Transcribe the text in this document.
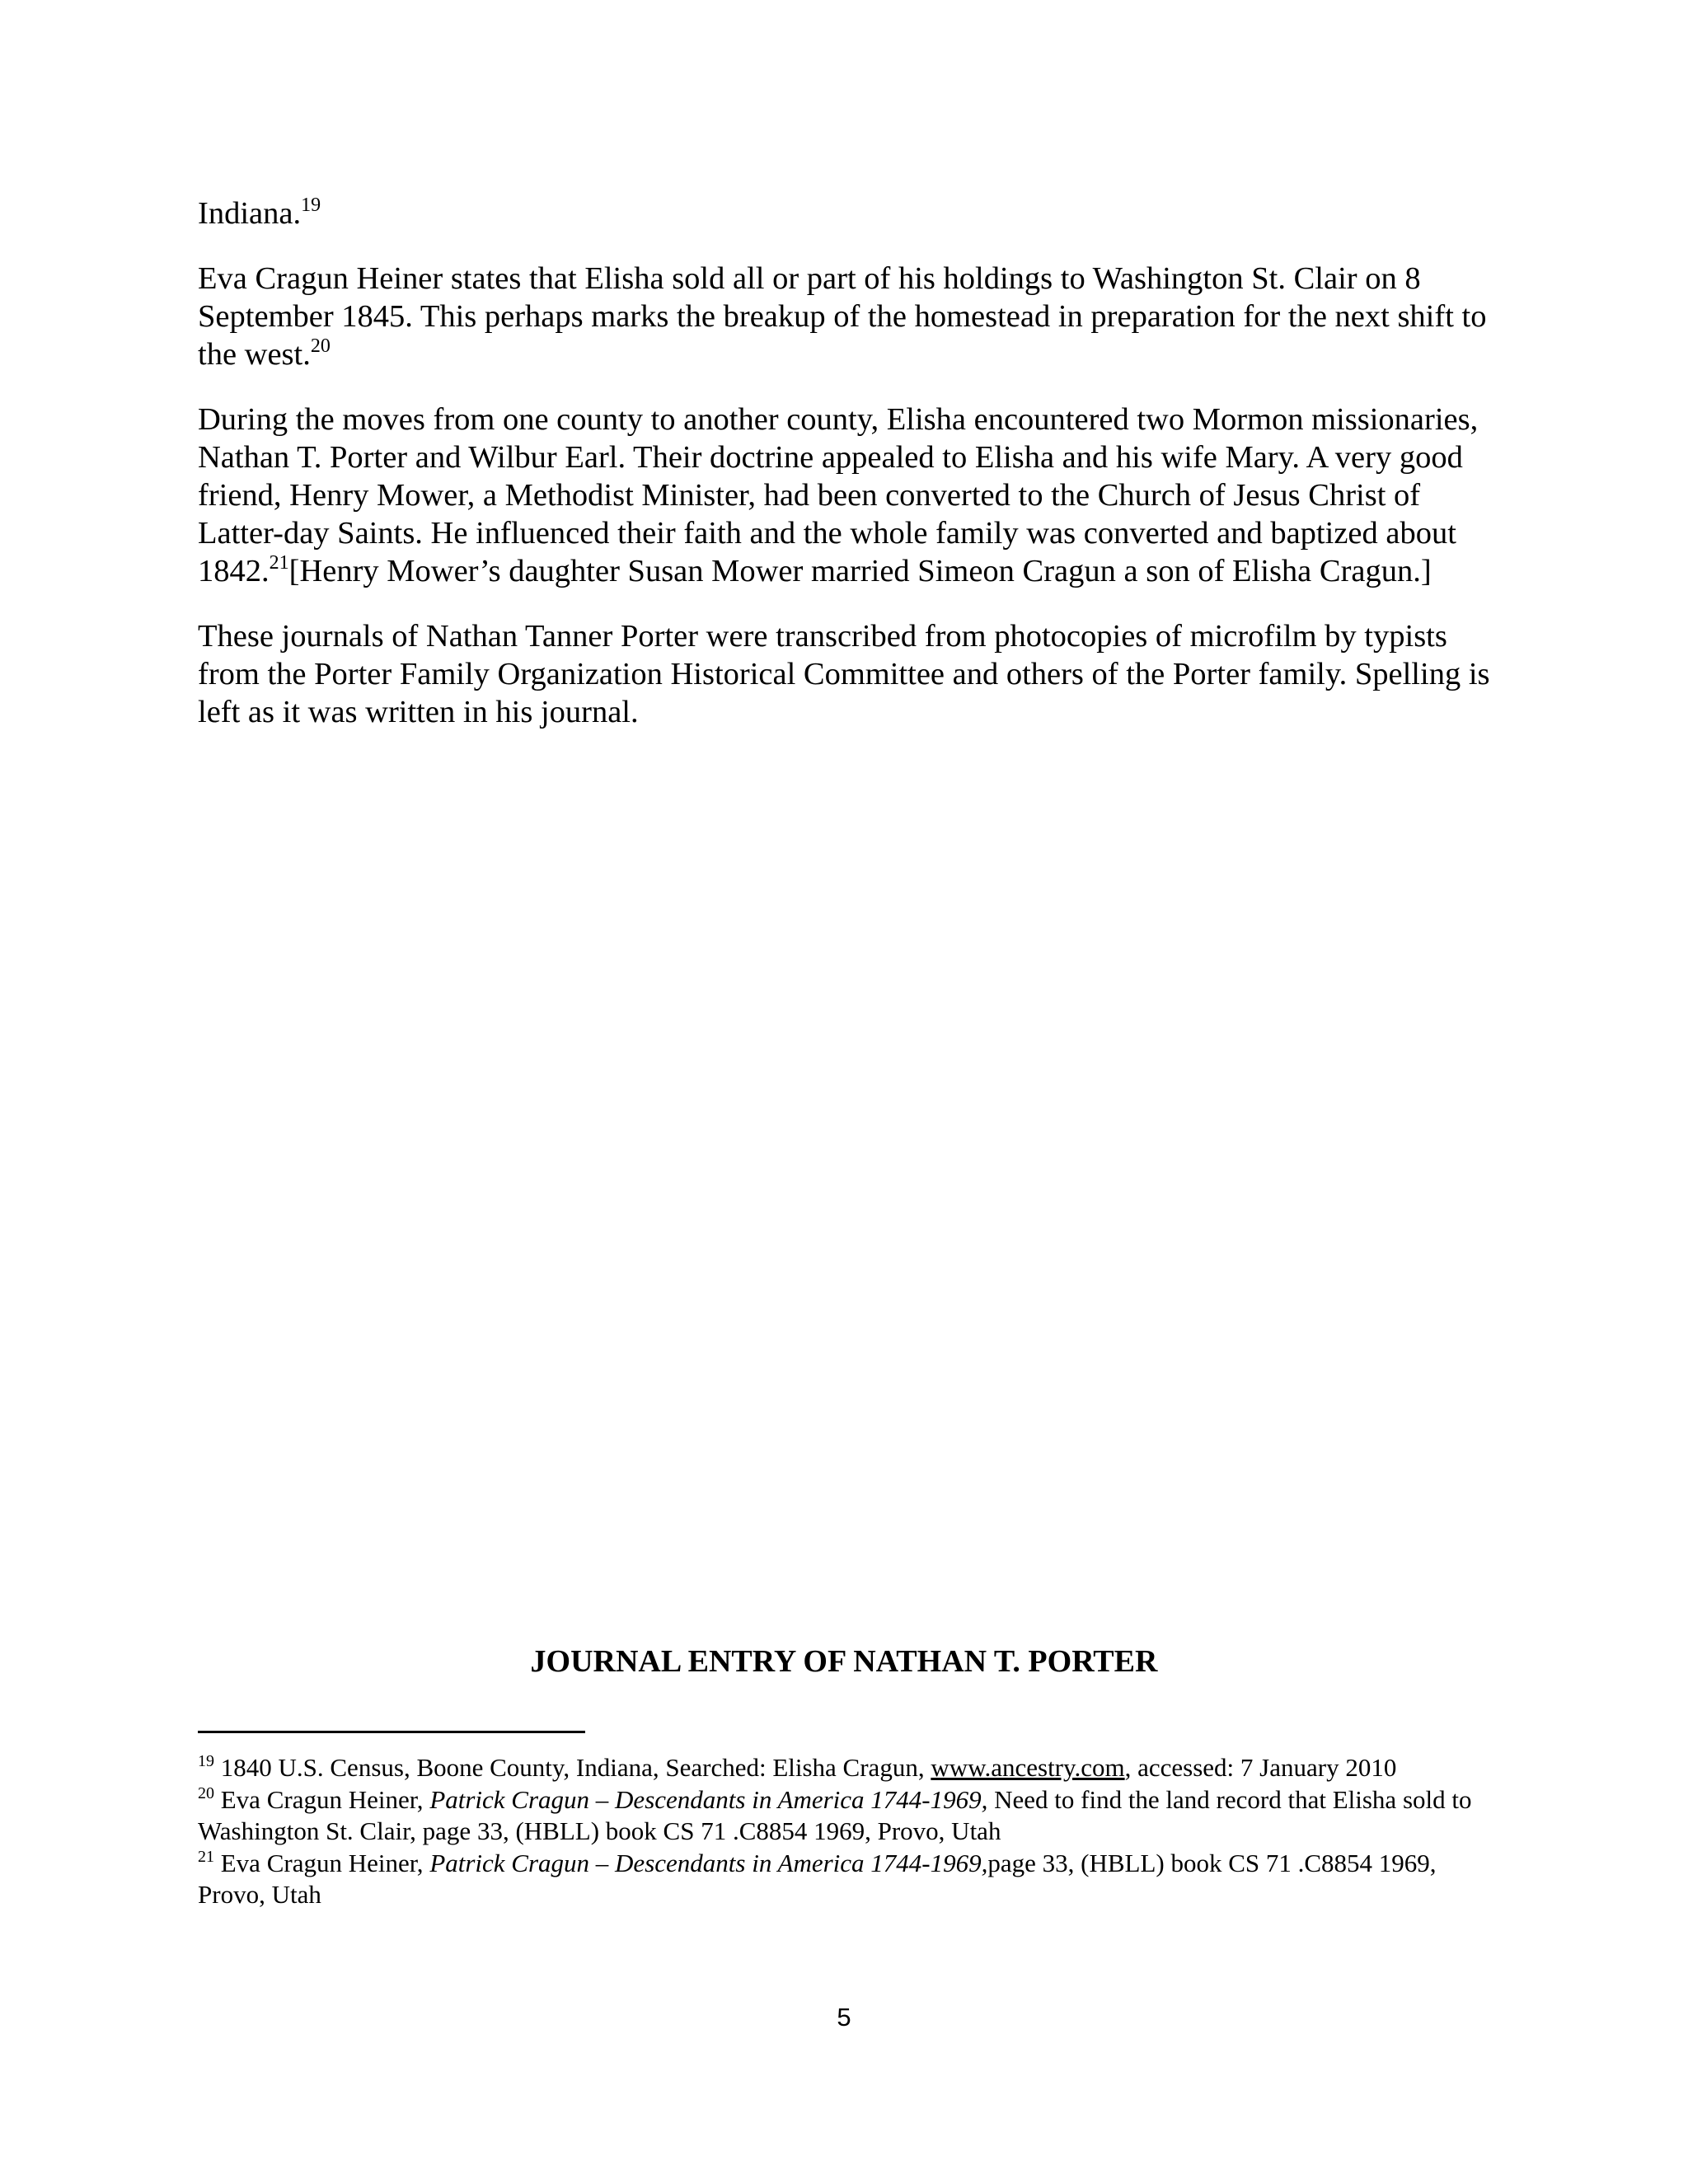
Indiana.$^{19}$

Eva Cragun Heiner states that Elisha sold all or part of his holdings to Washington St. Clair on 8 September 1845. This perhaps marks the breakup of the homestead in preparation for the next shift to the west.$^{20}$

During the moves from one county to another county, Elisha encountered two Mormon missionaries, Nathan T. Porter and Wilbur Earl. Their doctrine appealed to Elisha and his wife Mary. A very good friend, Henry Mower, a Methodist Minister, had been converted to the Church of Jesus Christ of Latter-day Saints. He influenced their faith and the whole family was converted and baptized about 1842.21[Henry Mower’s daughter Susan Mower married Simeon Cragun a son of Elisha Cragun.]

These journals of Nathan Tanner Porter were transcribed from photocopies of microfilm by typists from the Porter Family Organization Historical Committee and others of the Porter family. Spelling is left as it was written in his journal.

JOURNAL ENTRY OF NATHAN T. PORTER

$^{19}$ 1840 U.S. Census, Boone County, Indiana, Searched: Elisha Cragun, www.ancestry.com, accessed: 7 January 2010

$^{20}$ Eva Cragun Heiner, Patrick Cragun – Descendants in America 1744-1969, Need to find the land record that Elisha sold to Washington St. Clair, page 33, (HBLL) book CS 71 .C8854 1969, Provo, Utah

$^{21}$ Eva Cragun Heiner, Patrick Cragun – Descendants in America 1744-1969,page 33, (HBLL) book CS 71 .C8854 1969, Provo, Utah

5
